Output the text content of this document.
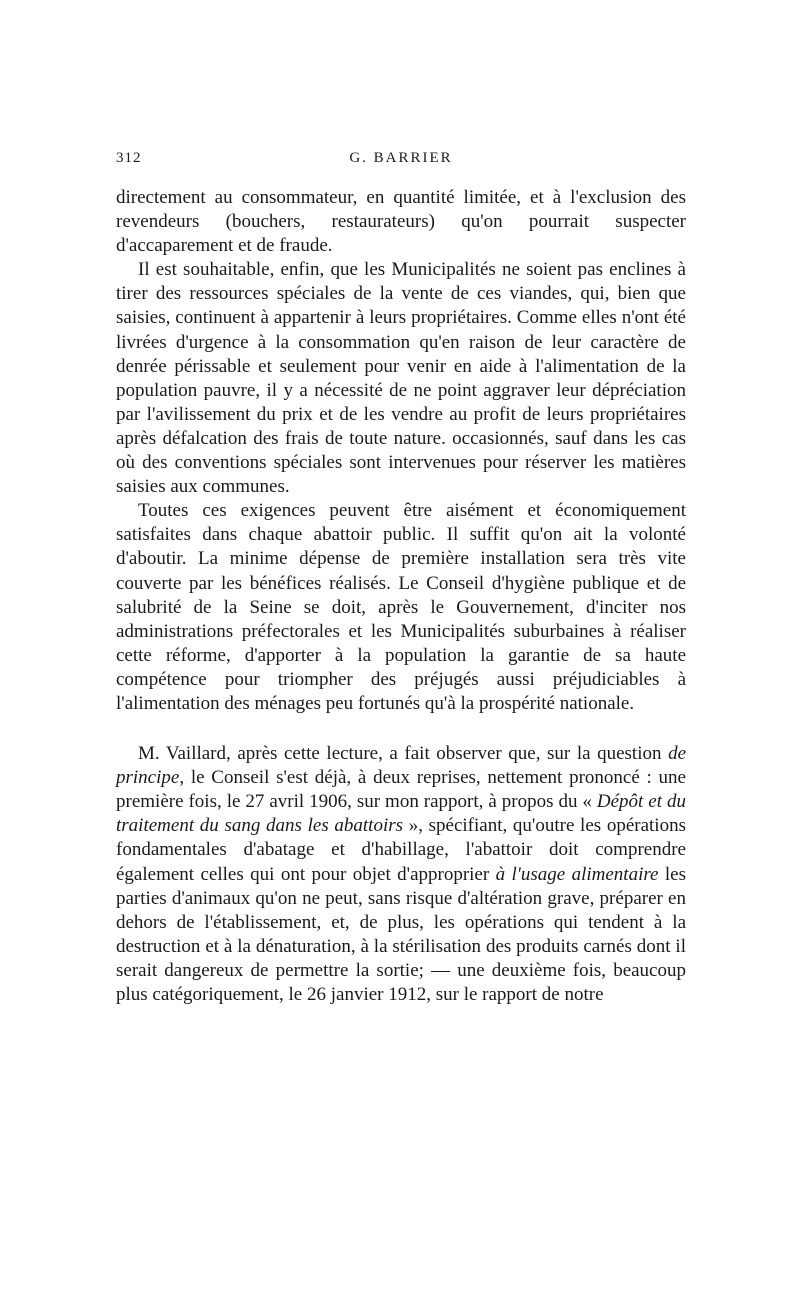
312	G. BARRIER

directement au consommateur, en quantité limitée, et à l'exclusion des revendeurs (bouchers, restaurateurs) qu'on pourrait suspecter d'accaparement et de fraude.

Il est souhaitable, enfin, que les Municipalités ne soient pas enclines à tirer des ressources spéciales de la vente de ces viandes, qui, bien que saisies, continuent à appartenir à leurs propriétaires. Comme elles n'ont été livrées d'urgence à la consommation qu'en raison de leur caractère de denrée périssable et seulement pour venir en aide à l'alimentation de la population pauvre, il y a nécessité de ne point aggraver leur dépréciation par l'avilissement du prix et de les vendre au profit de leurs propriétaires après défalcation des frais de toute nature. occasionnés, sauf dans les cas où des conventions spéciales sont intervenues pour réserver les matières saisies aux communes.

Toutes ces exigences peuvent être aisément et économiquement satisfaites dans chaque abattoir public. Il suffit qu'on ait la volonté d'aboutir. La minime dépense de première installation sera très vite couverte par les bénéfices réalisés. Le Conseil d'hygiène publique et de salubrité de la Seine se doit, après le Gouvernement, d'inciter nos administrations préfectorales et les Municipalités suburbaines à réaliser cette réforme, d'apporter à la population la garantie de sa haute compétence pour triompher des préjugés aussi préjudiciables à l'alimentation des ménages peu fortunés qu'à la prospérité nationale.

M. Vaillard, après cette lecture, a fait observer que, sur la question de principe, le Conseil s'est déjà, à deux reprises, nettement prononcé : une première fois, le 27 avril 1906, sur mon rapport, à propos du « Dépôt et du traitement du sang dans les abattoirs », spécifiant, qu'outre les opérations fondamentales d'abatage et d'habillage, l'abattoir doit comprendre également celles qui ont pour objet d'approprier à l'usage alimentaire les parties d'animaux qu'on ne peut, sans risque d'altération grave, préparer en dehors de l'établissement, et, de plus, les opérations qui tendent à la destruction et à la dénaturation, à la stérilisation des produits carnés dont il serait dangereux de permettre la sortie; — une deuxième fois, beaucoup plus catégoriquement, le 26 janvier 1912, sur le rapport de notre
